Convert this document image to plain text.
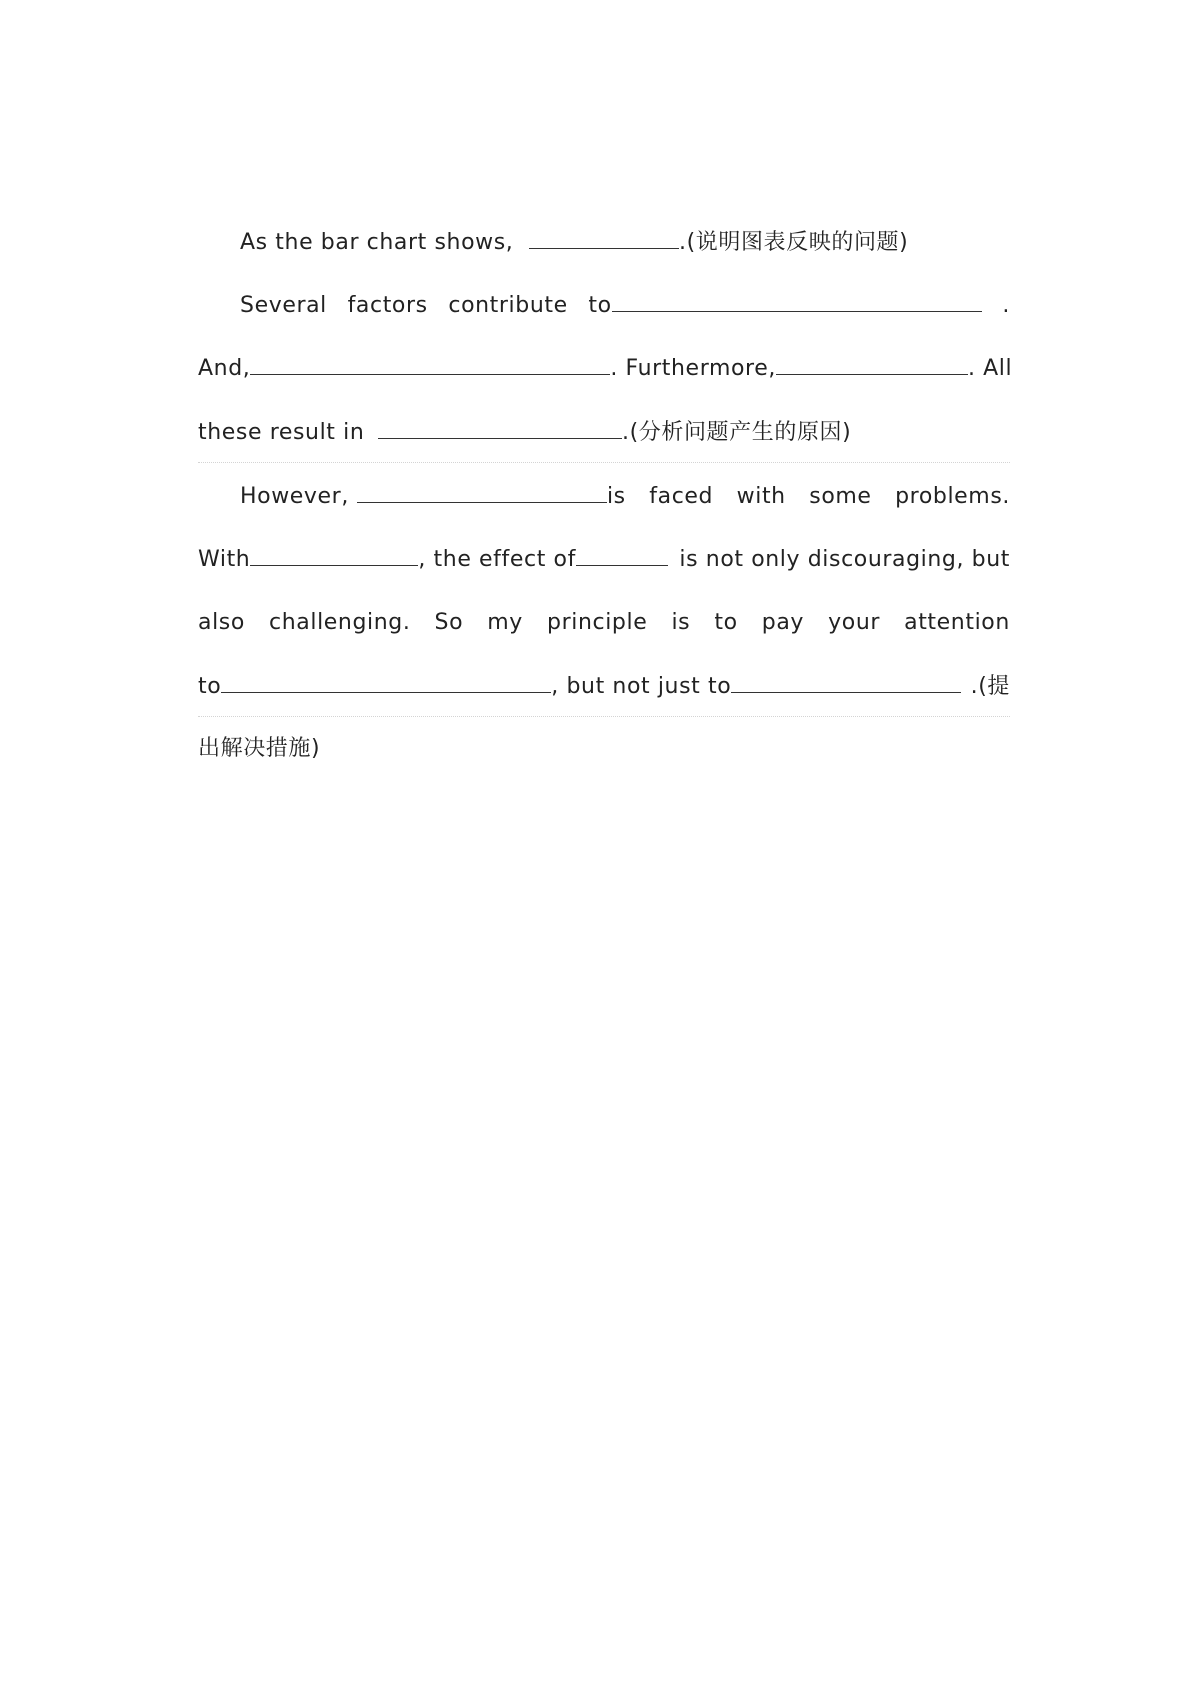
As the bar chart shows,	.(说明图表反映的问题)
Several factors contribute to	.
And,	. Furthermore,	. All
these result in	.(分析问题产生的原因)
However,	is faced with some problems.
With	, the effect of	is not only discouraging, but
also challenging. So my principle is to pay your attention
to	, but not just to	.(提
出解决措施)
